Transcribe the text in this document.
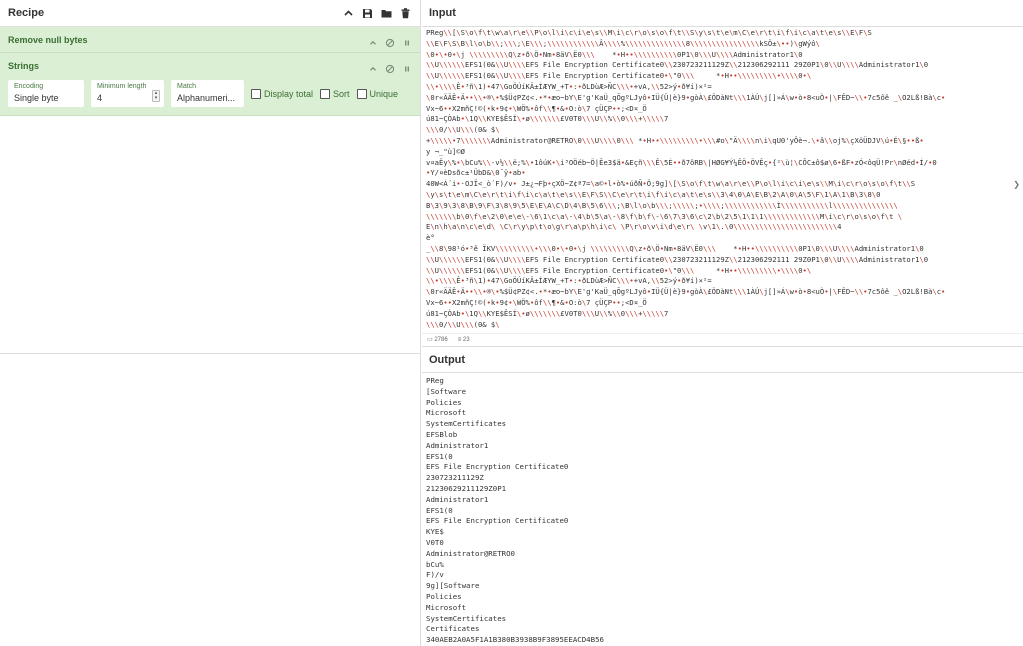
Recipe
Remove null bytes
Strings
Encoding
Single byte
Minimum length
4	▴
▾
Match
Alphanumeri...	Display total Sort Unique
Input
PReg\\[\S\o\f\t\w\a\r\e\\P\o\l\i\c\i\e\s\\M\i\c\r\o\s\o\f\t\\S\y\s\t\e\m\C\e\r\t\i\f\i\c\a\t\e\s\\E\F\S
\\E\F\S\B\l\o\b\\;\\\;\E\\\;\\\\\\\\\\\\Â\\\\%\\\\\\\\\\\\\\8\\\\\\\\\\\\\\\\kSÖ±\••)\gWýô\
\0•\•0•\j \\\\\\\\\Q\z•ð\Ö•Nm•8äV\Ë0\\\ *•H••\\\\\\\\\\0P1\0\\\U\\\\Administrator1\0
\\U\\\\\\EFS1(0&\\U\\\\EFS File Encryption Certificate0\\230723211129Z\\212306292111 29Z0P1\0\\U\\\\Administrator1\0
\\U\\\\\\EFS1(0&\\U\\\\EFS File Encryption Certificate0•\"0\\\	*•H••\\\\\\\\\•\\\\0•\
\\•\\\\Ê•³ñ\1)•47\GoÖÚíKÄ±ÍÆYW_+T•:•ðLDùÆ>ÑC\\\•+vA,\\52>ý•ð¥í)×²=
\0r«ÄÄÊ•Ä••\\•®\•%$Ü¢PZ¢<.•*•æo~bY\E'g'KaÜ_qÕgºLJyô•IÜ{Ü|è}9•gòÀ\£ÖDàNt\\\1ÀÚ\j[]»Á\w•ò•8<uÒ•|\FÊD~\\•7c5ôê _\O2Lß!Bà\c•
Vx~6••X2mñÇ!©(•k•9¢•\WÖ%•ôf\\¶•&•O:ò\7 çÜÇP••;<D¤_Ö
ú81~ÇÒAb•\1Q\\KYE$ÊSÍ\•ø\\\\\\\£V0T0\\\U\\%\\0\\\+\\\\\7
\\\0/\\U\\\(0& $\
+\\\\\•7\\\\\\\Administrator@RETRO\0\\\U\\\\0\\\ *•H••\\\\\\\\\•\\\#o\"Ä\\\\n\i\qU0'yÔè¬.\•â\\oj%\çXöÜDJV\ú•É\§••ß•
y ¬_"ù]©Ø
v¤aÊy\%•\bCu%\\-v½\\ë;%\•1ôúK•\i³OÖéb~Ö|Êe3$ä•&Eçñ\\\Ê\5É••ð7ôRB\|HØG¥Ý¼ÊÖ•ÖVÊç•{²\ù¦\CÔC±ô$ø\6•ßF•zÓ<ôqÜ!Pr\nØéd•Í/•0
•Y/¤èDsðc±¹ÜbD&\0¯ÿ•ab•
40W<Á´i•·OJÏ<_ò´F)/v• J±¿¬Fþ•çXÖ~Z¢ª7=\a©•l•ò%•úðÑ•Ö;9g]\[\S\o\f\t\w\a\r\e\\P\o\l\i\c\i\e\s\\M\i\c\r\o\s\o\f\t\\S
\y\s\t\e\m\C\e\r\t\i\f\i\c\a\t\e\s\\E\F\S\\C\e\r\t\i\f\i\c\a\t\e\s\\3\4\0\A\E\B\2\A\0\A\5\F\1\A\1\B\3\8\0
B\3\9\3\8\B\9\F\3\8\9\5\E\E\A\C\D\4\B\5\6\\\;\B\l\o\b\\\;\\\\\;•\\\\;\\\\\\\\\\\\Ì\\\\\\\\\\\l\\\\\\\\\\\\\\\
\\\\\\\b\0\f\e\2\0\e\e\-\6\1\c\a\-\4\b\5\a\-\8\f\b\f\-\6\7\3\6\c\2\b\2\5\1\1\1\\\\\\\\\\\\\M\i\c\r\o\s\o\f\t \
E\n\h\a\n\c\e\d\ \C\r\y\p\t\o\g\r\a\p\h\i\c\ \P\r\o\v\i\d\e\r\ \v\1\.\0\\\\\\\\\\\\\\\\\\\\\\\\4
è°
_\\8\98¹ó•³ê ÏKV\\\\\\\\\•\\\0•\•0•\j \\\\\\\\\Q\z•ð\Ö•Nm•8äV\Ë0\\\ *•H••\\\\\\\\\\0P1\0\\\U\\\\Administrator1\0
\\U\\\\\\EFS1(0&\\U\\\\EFS File Encryption Certificate0\\230723211129Z\\212306292111 29Z0P1\0\\U\\\\Administrator1\0
\\U\\\\\\EFS1(0&\\U\\\\EFS File Encryption Certificate0•\"0\\\	*•H••\\\\\\\\\•\\\\0•\
\\•\\\\Ê•³ñ\1)•47\GoÖÚíKÄ±ÍÆYW_+T•:•ðLDùÆ>ÑC\\\•+vA,\\52>ý•ð¥í)×²=
\0r«ÄÄÊ•Ä••\\•®\•%$Ü¢PZ¢<.•*•æo~bY\E'g'KaÜ_qÕgºLJyô•IÜ{Ü|è}9•gòÀ\£ÖDàNt\\\1ÀÚ\j[]»Á\w•ò•8<uÒ•|\FÊD~\\•7c5ôê _\O2Lß!Bà\c•
Vx~6••X2mñÇ!©(•k•9¢•\WÖ%•ôf\\¶•&•O:ò\7 çÜÇP••;<D¤_Ö
ú81~ÇÒAb•\1Q\\KYE$ÊSÍ\•ø\\\\\\\£V0T0\\\U\\%\\0\\\+\\\\\7
\\\0/\\U\\\(0& $\
❯
▭ 2786 ≡ 23
Output
PReg
[Software
Policies
Microsoft
SystemCertificates
EFSBlob
Administrator1
EFS1(0
EFS File Encryption Certificate0
230723211129Z
21230629211129Z0P1
Administrator1
EFS1(0
EFS File Encryption Certificate0
KYE$
V0T0
Administrator@RETRO0
bCu%
F)/v
9g][Software
Policies
Microsoft
SystemCertificates
Certificates
340AEB2A0A5F1A1B380B3938B9F3895EEACD4B56
